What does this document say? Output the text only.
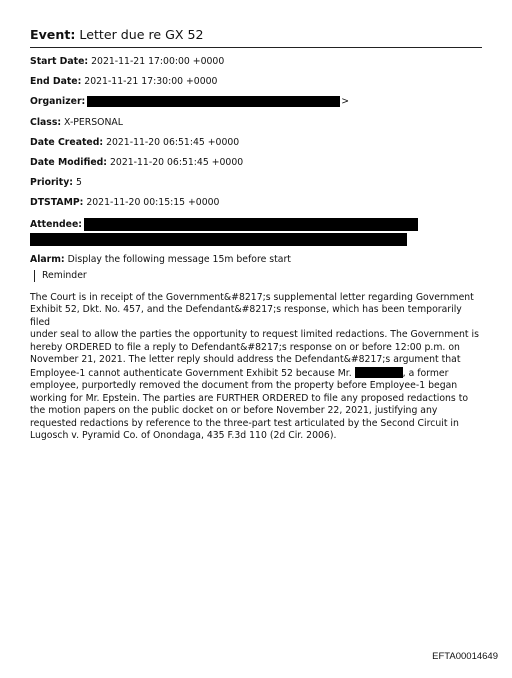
Event: Letter due re GX 52
Start Date: 2021-11-21 17:00:00 +0000
End Date: 2021-11-21 17:30:00 +0000
Organizer:	>
Class: X-PERSONAL
Date Created: 2021-11-20 06:51:45 +0000
Date Modified: 2021-11-20 06:51:45 +0000
Priority: 5
DTSTAMP: 2021-11-20 00:15:15 +0000
Attendee:
Alarm: Display the following message 15m before start
Reminder
The Court is in receipt of the Government&#8217;s supplemental letter regarding Government
Exhibit 52, Dkt. No. 457, and the Defendant&#8217;s response, which has been temporarily filed
under seal to allow the parties the opportunity to request limited redactions. The Government is
hereby ORDERED to file a reply to Defendant&#8217;s response on or before 12:00 p.m. on
November 21, 2021. The letter reply should address the Defendant&#8217;s argument that
Employee-1 cannot authenticate Government Exhibit 52 because Mr.	, a former
employee, purportedly removed the document from the property before Employee-1 began
working for Mr. Epstein. The parties are FURTHER ORDERED to file any proposed redactions to
the motion papers on the public docket on or before November 22, 2021, justifying any
requested redactions by reference to the three-part test articulated by the Second Circuit in
Lugosch v. Pyramid Co. of Onondaga, 435 F.3d 110 (2d Cir. 2006).
EFTA00014649
